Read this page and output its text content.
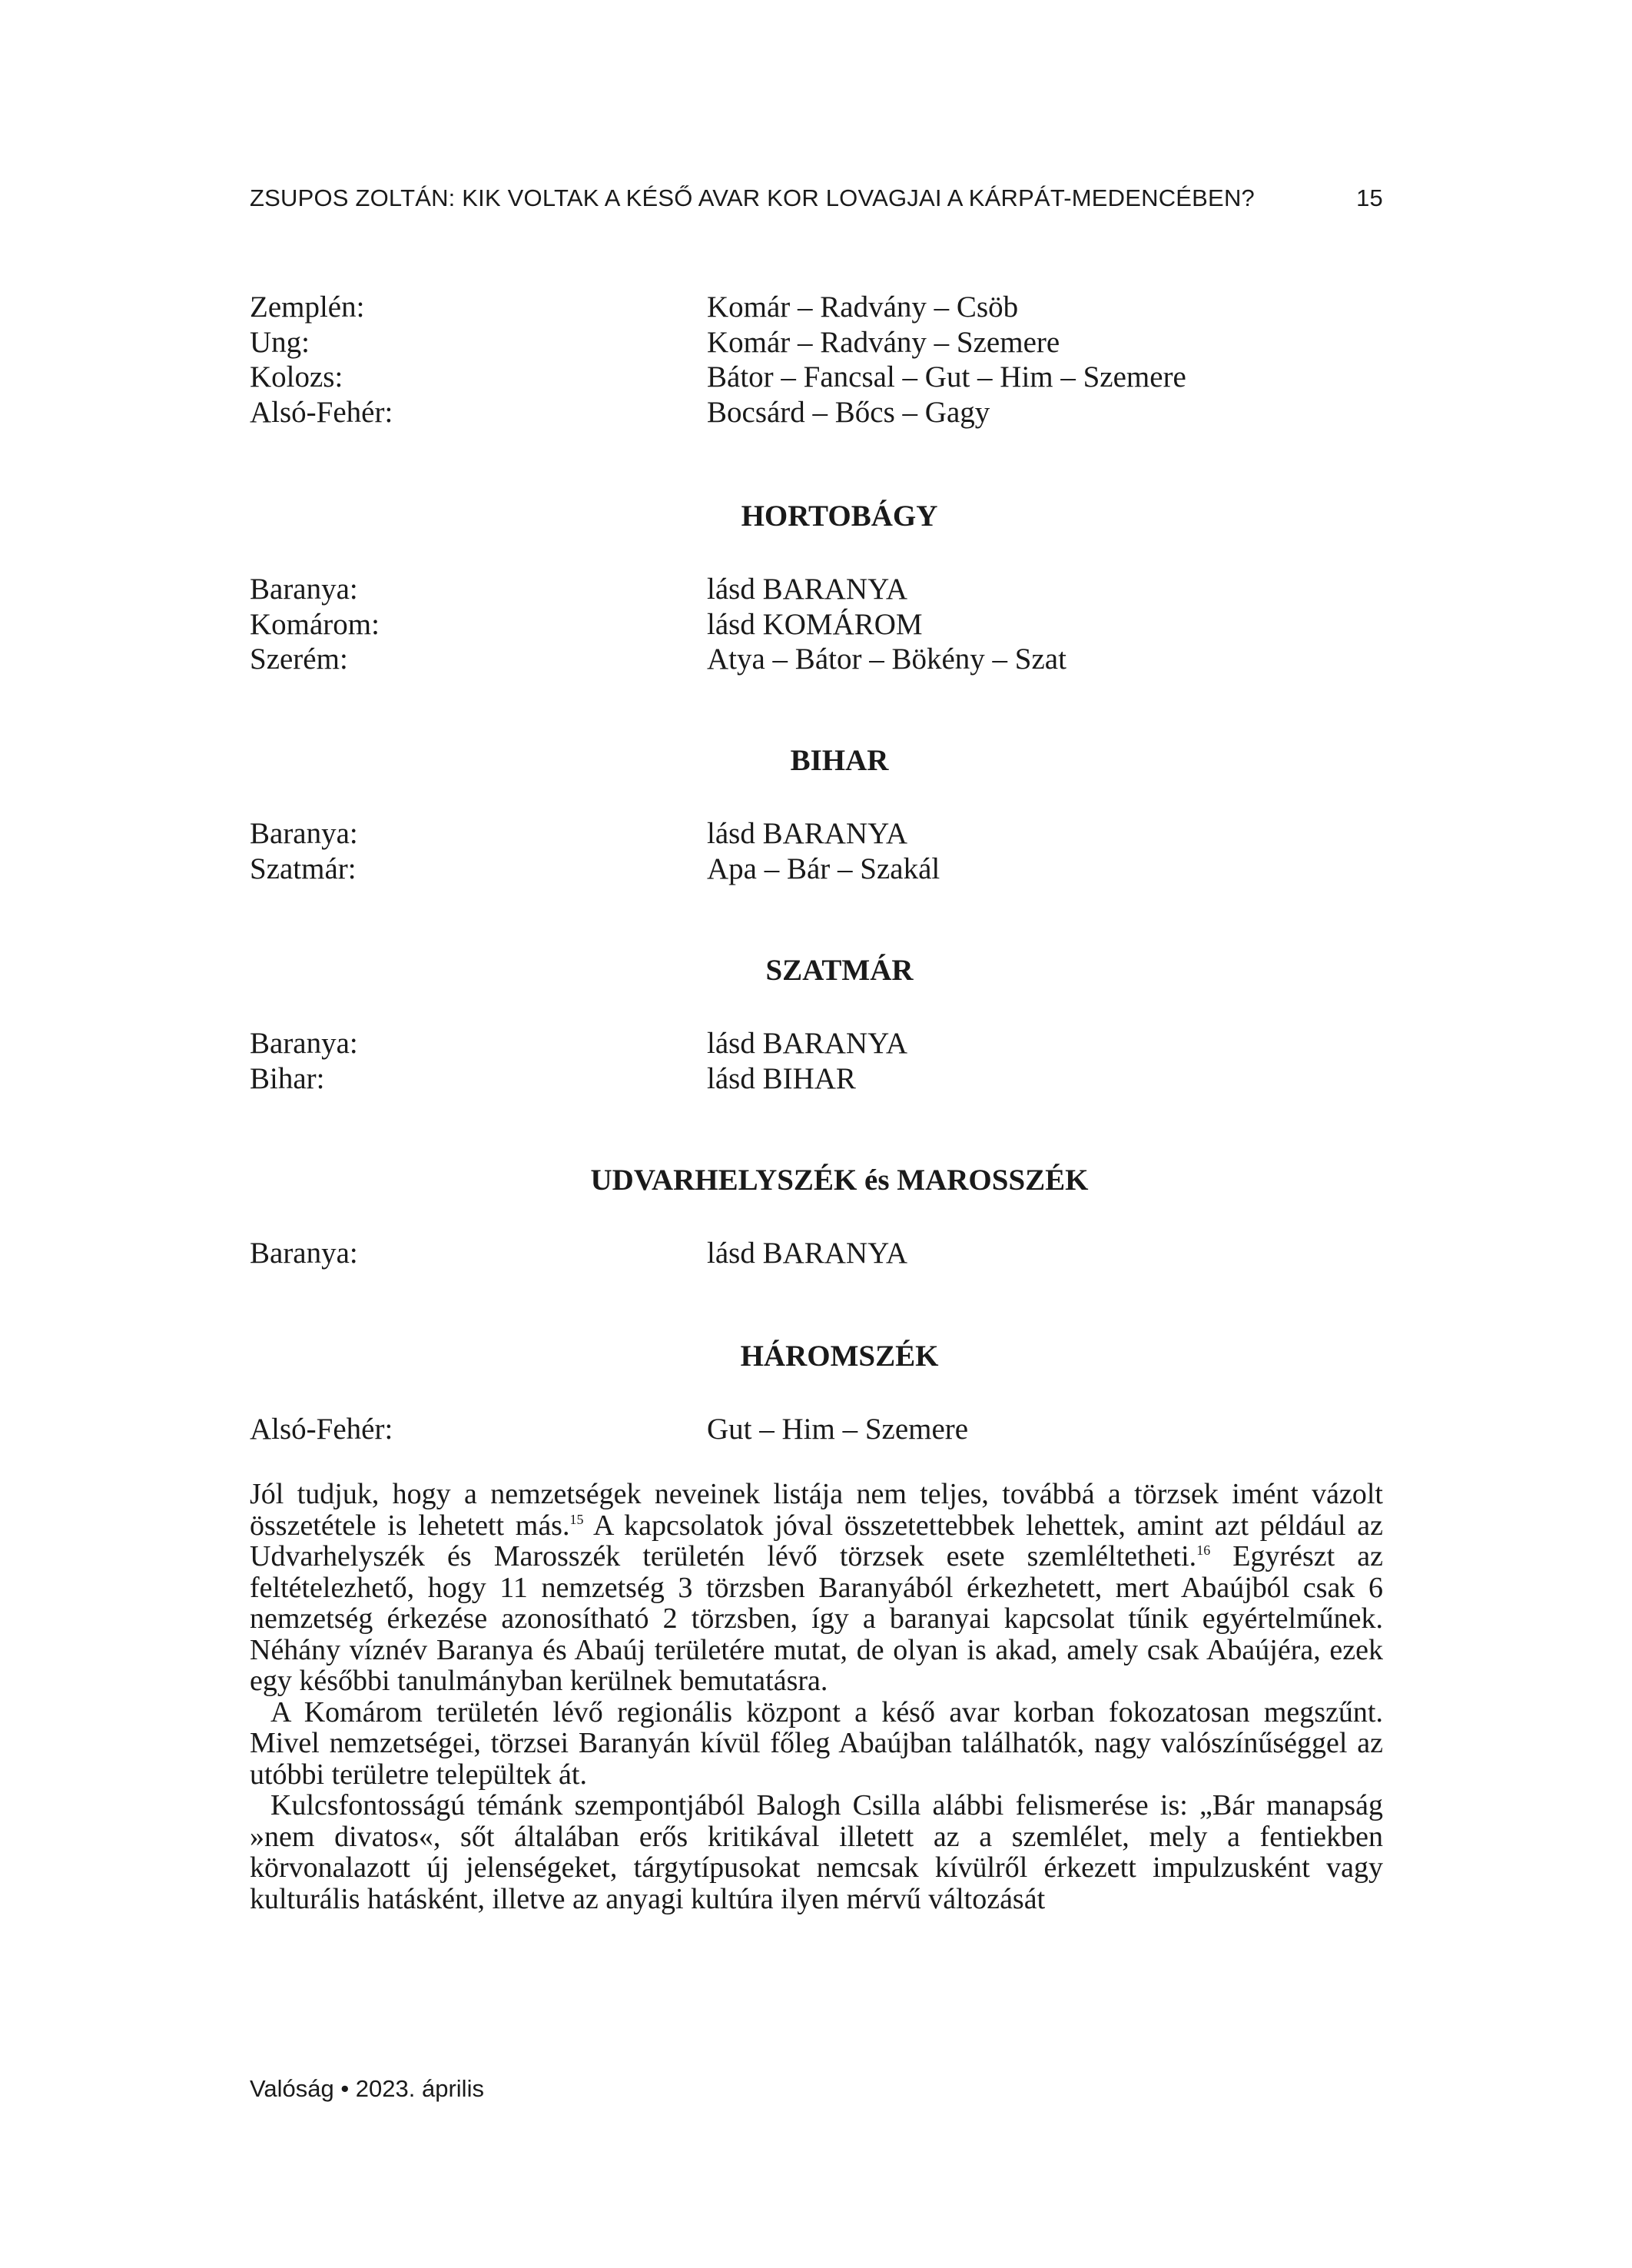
ZSUPOS ZOLTÁN: KIK VOLTAK A KÉSŐ AVAR KOR LOVAGJAI A KÁRPÁT-MEDENCÉBEN?	15
Zemplén:	Komár – Radvány – Csöb
Ung:	Komár – Radvány – Szemere
Kolozs:	Bátor – Fancsal – Gut – Him – Szemere
Alsó-Fehér:	Bocsárd – Bőcs – Gagy
HORTOBÁGY
Baranya:	lásd BARANYA
Komárom:	lásd KOMÁROM
Szerém:	Atya – Bátor – Bökény – Szat
BIHAR
Baranya:	lásd BARANYA
Szatmár:	Apa – Bár – Szakál
SZATMÁR
Baranya:	lásd BARANYA
Bihar:	lásd BIHAR
UDVARHELYSZÉK és MAROSSZÉK
Baranya:	lásd BARANYA
HÁROMSZÉK
Alsó-Fehér:	Gut – Him – Szemere

Jól tudjuk, hogy a nemzetségek neveinek listája nem teljes, továbbá a törzsek imént vázolt összetétele is lehetett más.$^{15}$ A kapcsolatok jóval összetettebbek lehettek, amint azt például az Udvarhelyszék és Marosszék területén lévő törzsek esete szemléltetheti.$^{16}$ Egyrészt az feltételezhető, hogy 11 nemzetség 3 törzsben Baranyából érkezhetett, mert Abaújból csak 6 nemzetség érkezése azonosítható 2 törzsben, így a baranyai kapcsolat tűnik egyértelműnek. Néhány víznév Baranya és Abaúj területére mutat, de olyan is akad, amely csak Abaújéra, ezek egy későbbi tanulmányban kerülnek bemutatásra.

A Komárom területén lévő regionális központ a késő avar korban fokozatosan megszűnt. Mivel nemzetségei, törzsei Baranyán kívül főleg Abaújban találhatók, nagy valószínűséggel az utóbbi területre települtek át.

Kulcsfontosságú témánk szempontjából Balogh Csilla alábbi felismerése is: „Bár manapság »nem divatos«, sőt általában erős kritikával illetett az a szemlélet, mely a fentiekben körvonalazott új jelenségeket, tárgytípusokat nemcsak kívülről érkezett impulzusként vagy kulturális hatásként, illetve az anyagi kultúra ilyen mérvű változását

Valóság • 2023. április
